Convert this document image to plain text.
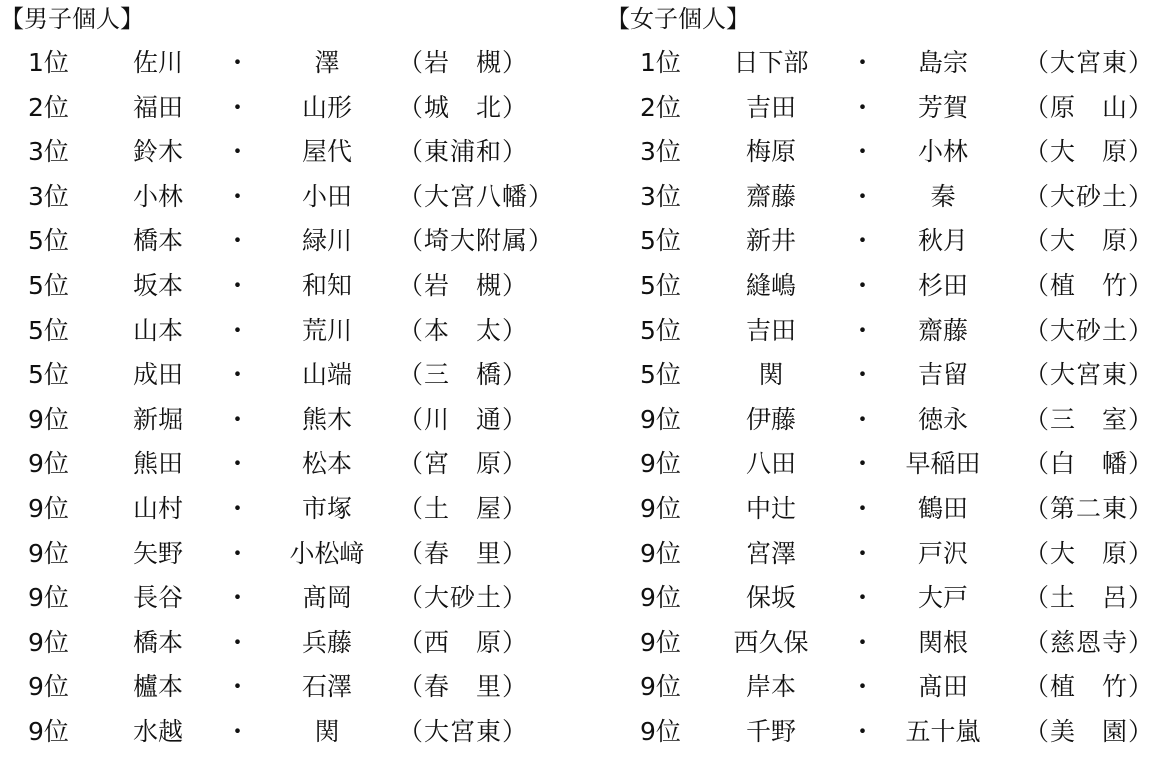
【男子個人】
1位	佐川	・	澤	（岩　槻）
2位	福田	・	山形	（城　北）
3位	鈴木	・	屋代	（東浦和）
3位	小林	・	小田	（大宮八幡）
5位	橋本	・	緑川	（埼大附属）
5位	坂本	・	和知	（岩　槻）
5位	山本	・	荒川	（本　太）
5位	成田	・	山端	（三　橋）
9位	新堀	・	熊木	（川　通）
9位	熊田	・	松本	（宮　原）
9位	山村	・	市塚	（土　屋）
9位	矢野	・	小松﨑	（春　里）
9位	長谷	・	髙岡	（大砂土）
9位	橋本	・	兵藤	（西　原）
9位	櫨本	・	石澤	（春　里）
9位	水越	・	関	（大宮東）
【女子個人】
1位	日下部	・	島宗	（大宮東）
2位	吉田	・	芳賀	（原　山）
3位	梅原	・	小林	（大　原）
3位	齋藤	・	秦	（大砂土）
5位	新井	・	秋月	（大　原）
5位	縫嶋	・	杉田	（植　竹）
5位	吉田	・	齋藤	（大砂土）
5位	関	・	吉留	（大宮東）
9位	伊藤	・	徳永	（三　室）
9位	八田	・	早稲田	（白　幡）
9位	中辻	・	鶴田	（第二東）
9位	宮澤	・	戸沢	（大　原）
9位	保坂	・	大戸	（土　呂）
9位	西久保	・	関根	（慈恩寺）
9位	岸本	・	髙田	（植　竹）
9位	千野	・	五十嵐	（美　園）
